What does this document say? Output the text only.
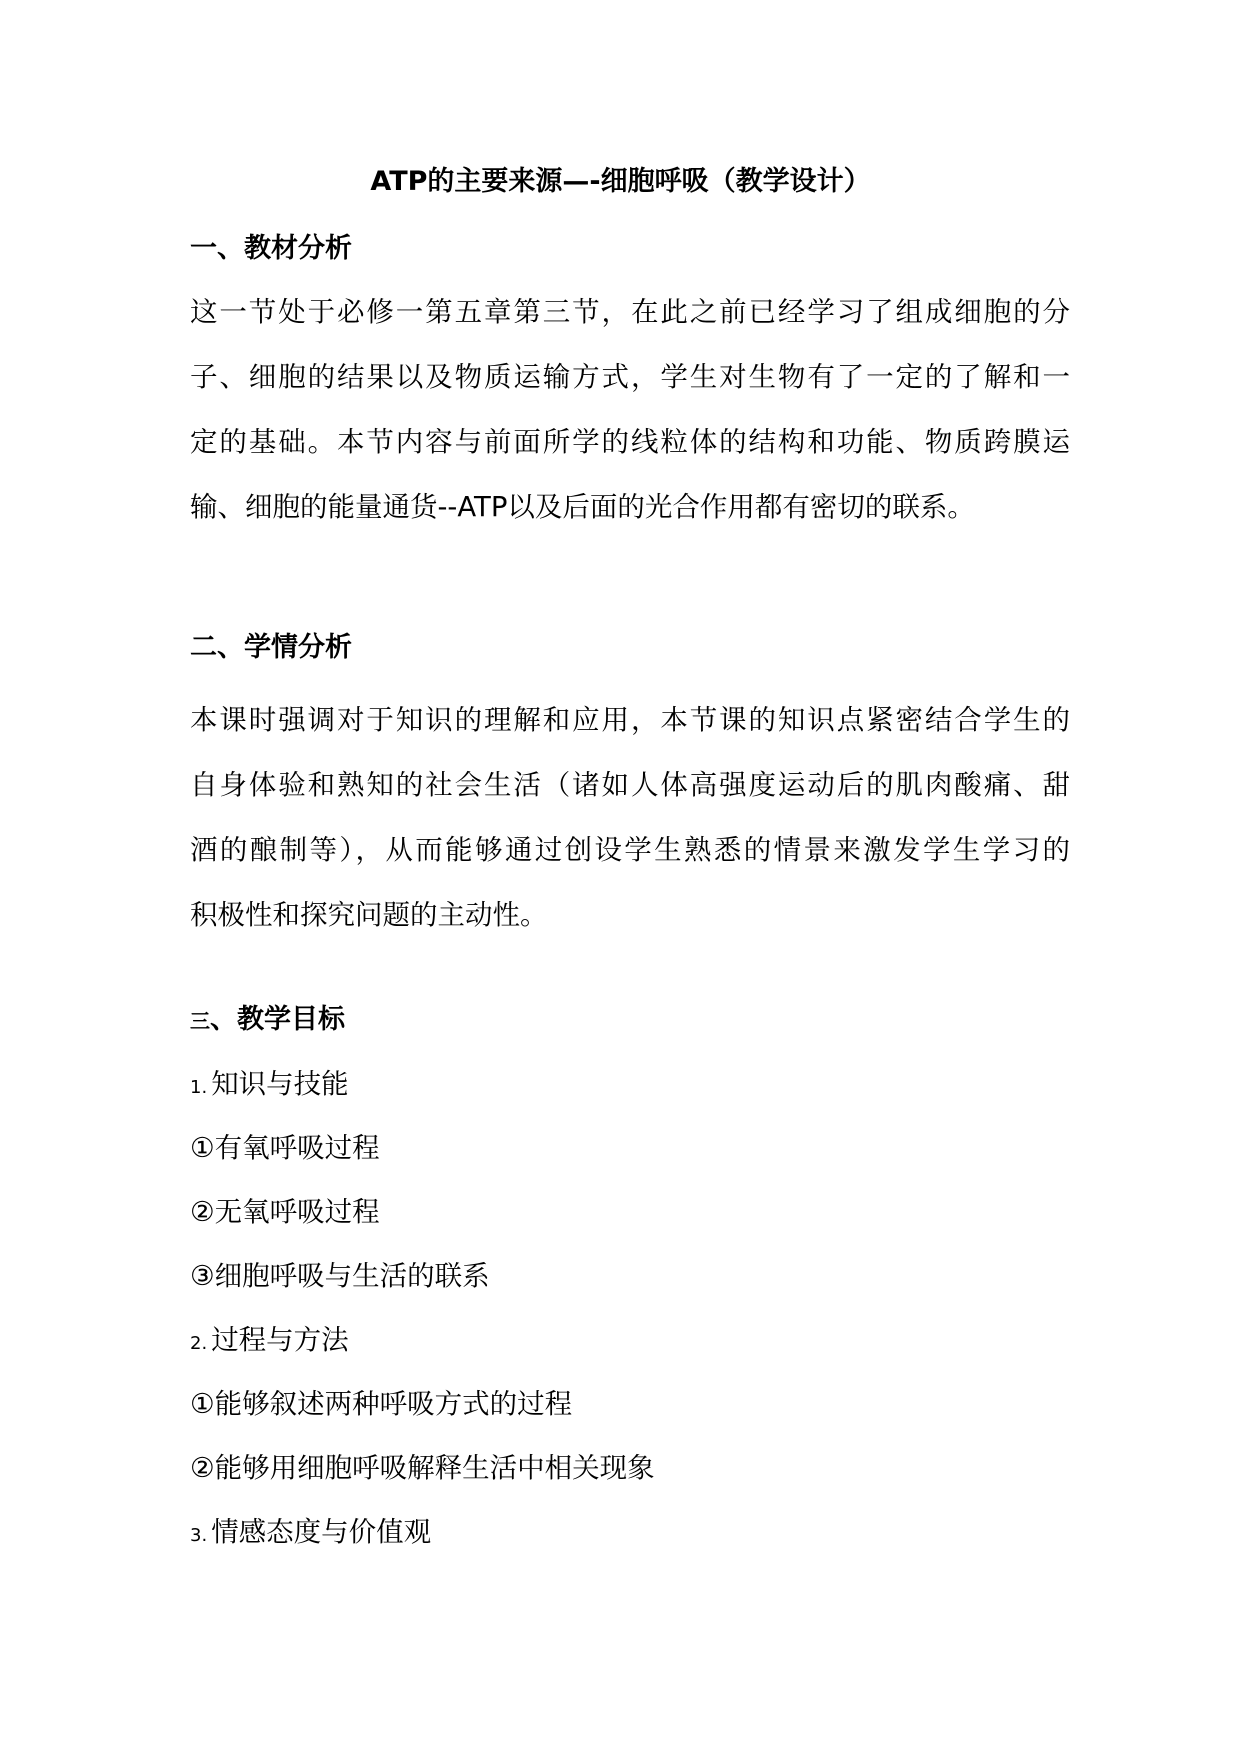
ATP的主要来源—-细胞呼吸（教学设计）
一、教材分析
这一节处于必修一第五章第三节，在此之前已经学习了组成细胞的分
子、细胞的结果以及物质运输方式，学生对生物有了一定的了解和一
定的基础。本节内容与前面所学的线粒体的结构和功能、物质跨膜运
输、细胞的能量通货--ATP以及后面的光合作用都有密切的联系。
二、学情分析
本课时强调对于知识的理解和应用，本节课的知识点紧密结合学生的
自身体验和熟知的社会生活（诸如人体高强度运动后的肌肉酸痛、甜
酒的酿制等），从而能够通过创设学生熟悉的情景来激发学生学习的
积极性和探究问题的主动性。
三、教学目标
1. 知识与技能
①有氧呼吸过程
②无氧呼吸过程
③细胞呼吸与生活的联系
2. 过程与方法
①能够叙述两种呼吸方式的过程
②能够用细胞呼吸解释生活中相关现象
3. 情感态度与价值观
